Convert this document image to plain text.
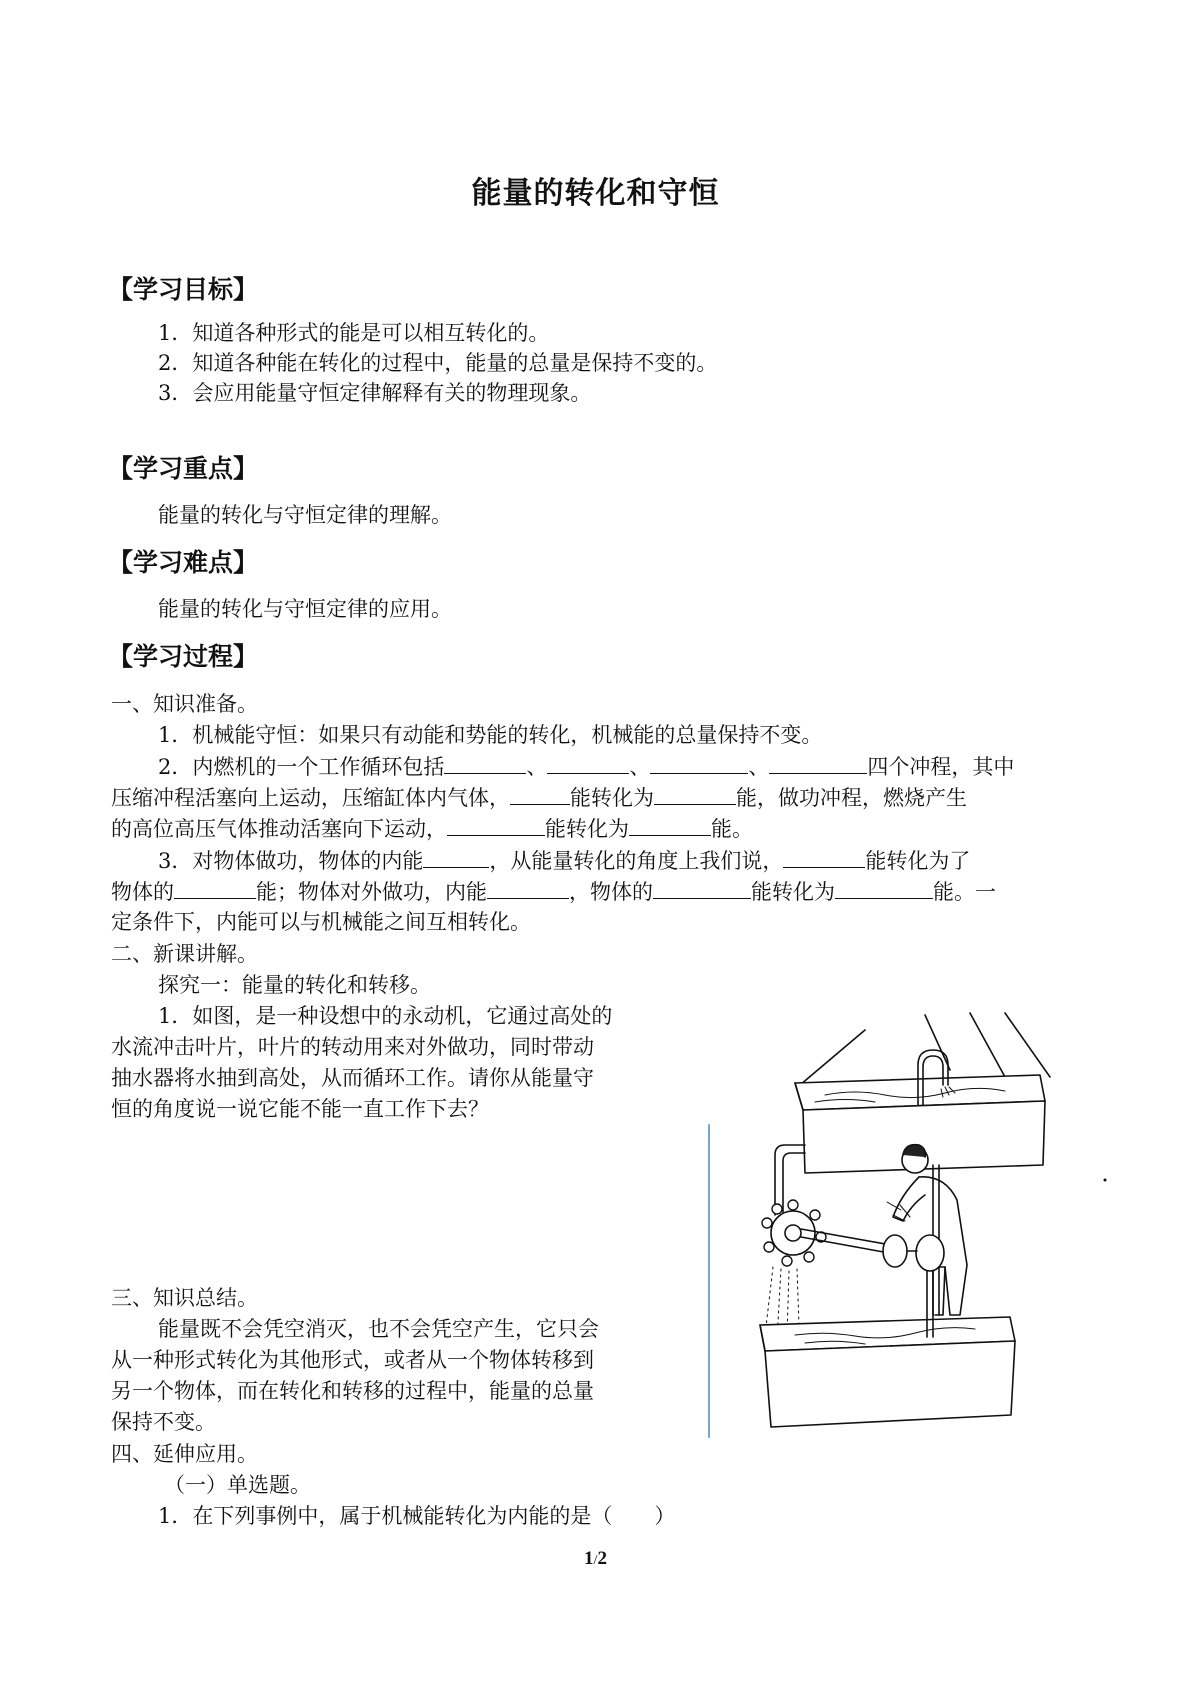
能量的转化和守恒
【学习目标】
1．知道各种形式的能是可以相互转化的。
2．知道各种能在转化的过程中，能量的总量是保持不变的。
3．会应用能量守恒定律解释有关的物理现象。
【学习重点】
能量的转化与守恒定律的理解。
【学习难点】
能量的转化与守恒定律的应用。
【学习过程】
一、知识准备。
1．机械能守恒：如果只有动能和势能的转化，机械能的总量保持不变。
2．内燃机的一个工作循环包括	、	、	、	四个冲程，其中
压缩冲程活塞向上运动，压缩缸体内气体，	能转化为	能，做功冲程，燃烧产生
的高位高压气体推动活塞向下运动，	能转化为	能。
3．对物体做功，物体的内能	，从能量转化的角度上我们说，	能转化为了
物体的	能；物体对外做功，内能	，物体的	能转化为	能。一
定条件下，内能可以与机械能之间互相转化。
二、新课讲解。
探究一：能量的转化和转移。
1．如图，是一种设想中的永动机，它通过高处的
水流冲击叶片，叶片的转动用来对外做功，同时带动
抽水器将水抽到高处，从而循环工作。请你从能量守
恒的角度说一说它能不能一直工作下去？
三、知识总结。
能量既不会凭空消灭，也不会凭空产生，它只会
从一种形式转化为其他形式，或者从一个物体转移到
另一个物体，而在转化和转移的过程中，能量的总量
保持不变。
四、延伸应用。
（一）单选题。
1．在下列事例中，属于机械能转化为内能的是（　　）
1/2
